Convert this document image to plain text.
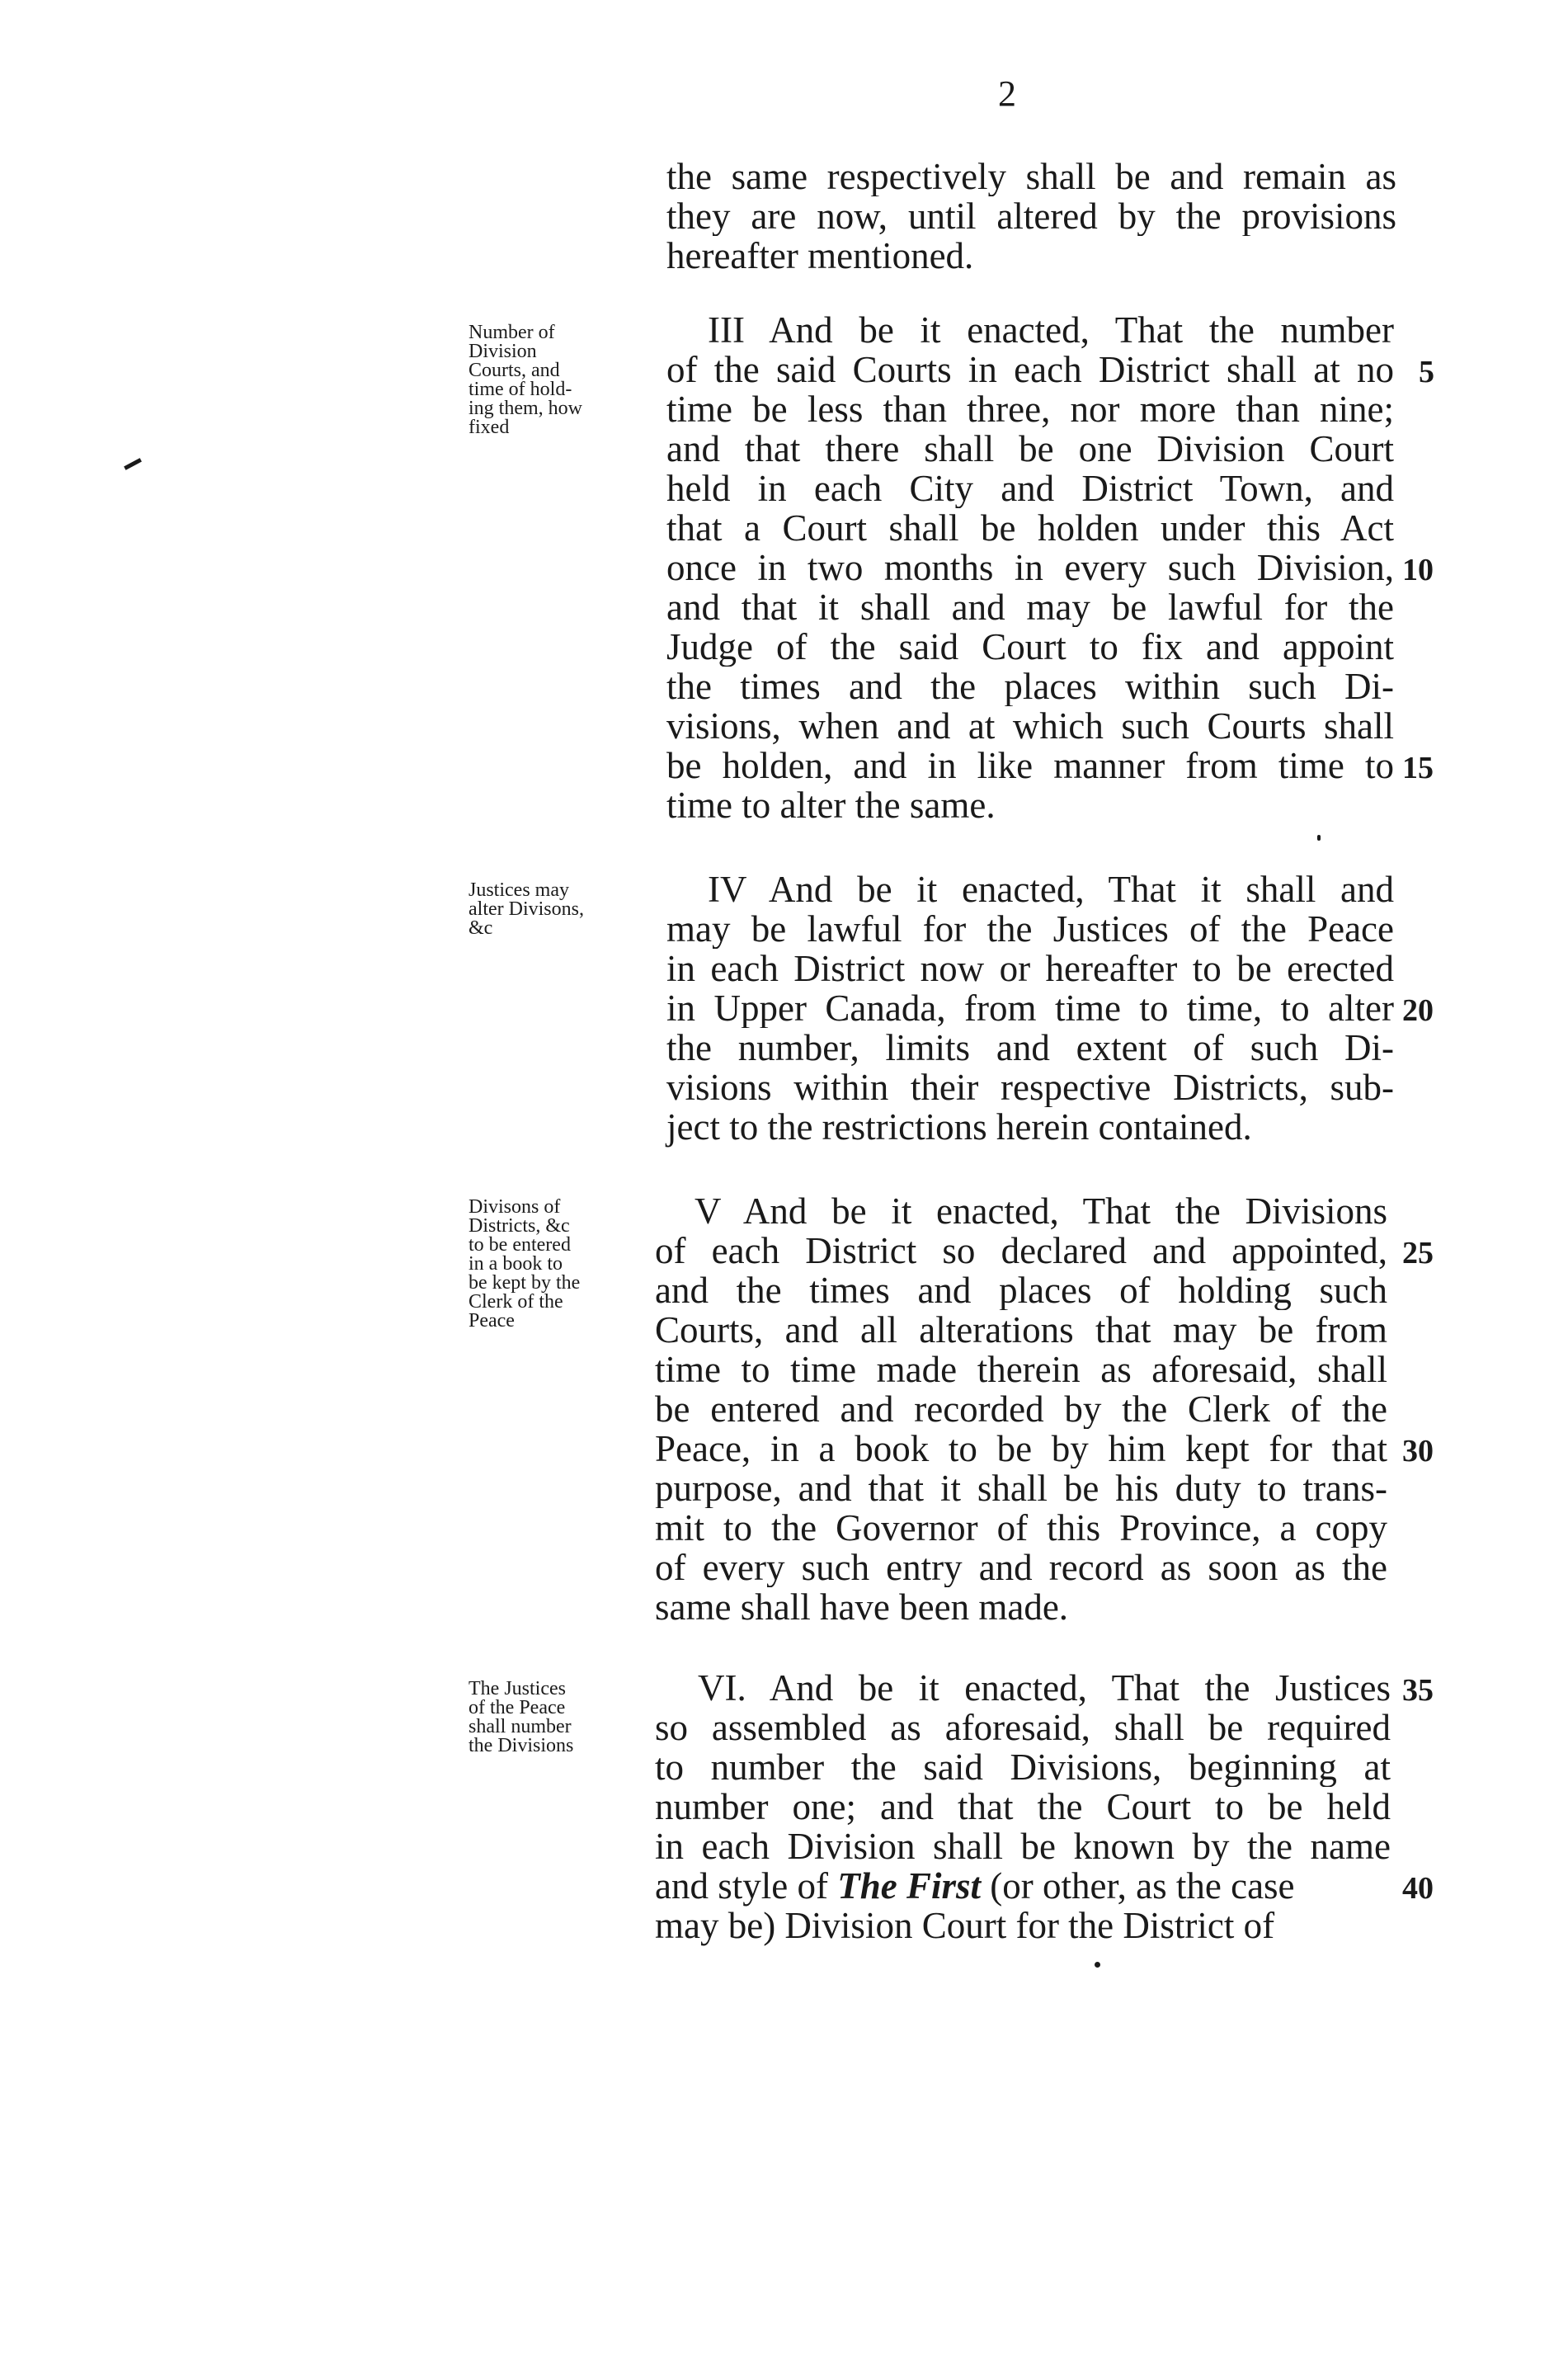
2
the same respectively shall be and remain as
they are now, until altered by the provisions
hereafter mentioned.
III And be it enacted, That the number
of the said Courts in each District shall at no
time be less than three, nor more than nine;
and that there shall be one Division Court
held in each City and District Town, and
that a Court shall be holden under this Act
once in two months in every such Division,
and that it shall and may be lawful for the
Judge of the said Court to fix and appoint
the times and the places within such Di-
visions, when and at which such Courts shall
be holden, and in like manner from time to
time to alter the same.
IV And be it enacted, That it shall and
may be lawful for the Justices of the Peace
in each District now or hereafter to be erected
in Upper Canada, from time to time, to alter
the number, limits and extent of such Di-
visions within their respective Districts, sub-
ject to the restrictions herein contained.
V And be it enacted, That the Divisions
of each District so declared and appointed,
and the times and places of holding such
Courts, and all alterations that may be from
time to time made therein as aforesaid, shall
be entered and recorded by the Clerk of the
Peace, in a book to be by him kept for that
purpose, and that it shall be his duty to trans-
mit to the Governor of this Province, a copy
of every such entry and record as soon as the
same shall have been made.
VI. And be it enacted, That the Justices
so assembled as aforesaid, shall be required
to number the said Divisions, beginning at
number one; and that the Court to be held
in each Division shall be known by the name
and style of The First (or other, as the case
may be) Division Court for the District of
Number of
Division
Courts, and
time of hold-
ing them, how
fixed
Justices may
alter Divisons,
&c
Divisons of
Districts, &c
to be entered
in a book to
be kept by the
Clerk of the
Peace
The Justices
of the Peace
shall number
the Divisions
5
10
15
20
25
30
35
40
